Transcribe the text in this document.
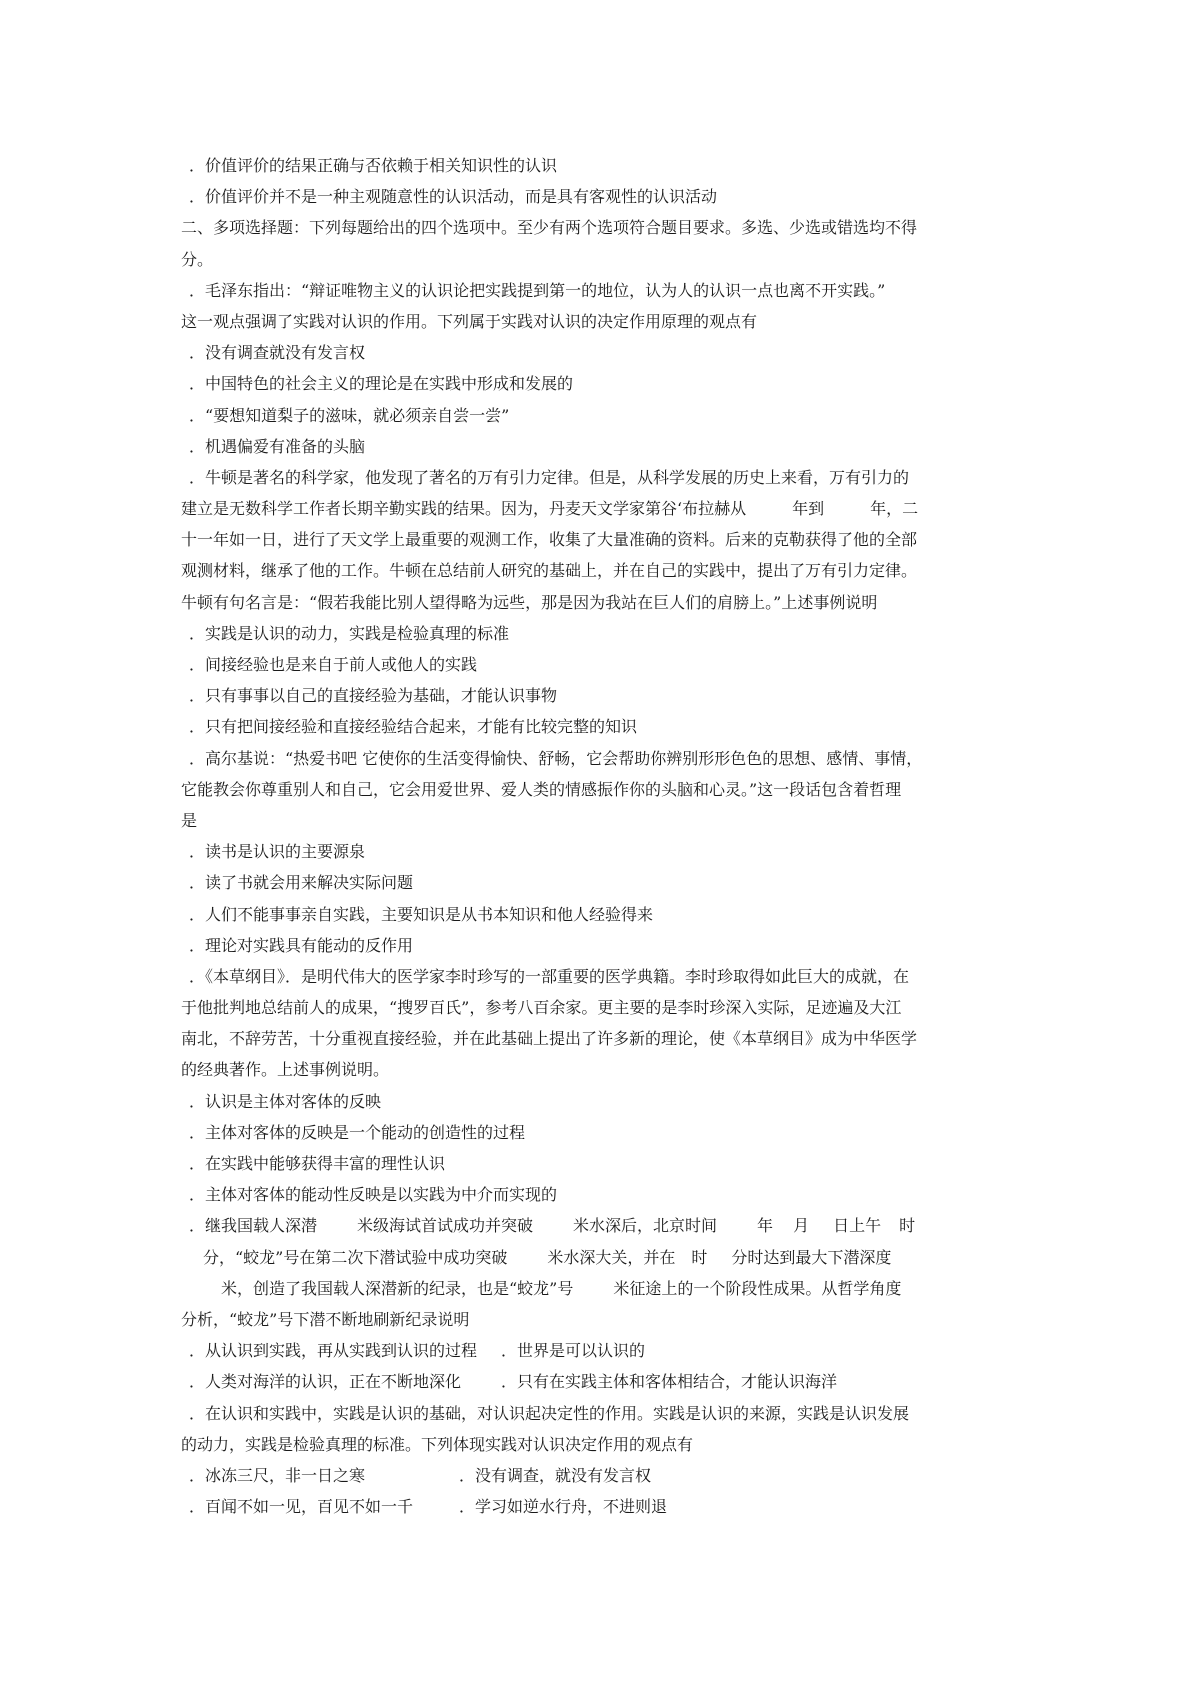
．价值评价的结果正确与否依赖于相关知识性的认识
．价值评价并不是一种主观随意性的认识活动，而是具有客观性的认识活动
二、多项选择题：下列每题给出的四个选项中。至少有两个选项符合题目要求。多选、少选或错选均不得
分。
．毛泽东指出：“辩证唯物主义的认识论把实践提到第一的地位，认为人的认识一点也离不开实践。”
这一观点强调了实践对认识的作用。下列属于实践对认识的决定作用原理的观点有
．没有调查就没有发言权
．中国特色的社会主义的理论是在实践中形成和发展的
．“要想知道梨子的滋味，就必须亲自尝一尝”
．机遇偏爱有准备的头脑
．牛顿是著名的科学家，他发现了著名的万有引力定律。但是，从科学发展的历史上来看，万有引力的
建立是无数科学工作者长期辛勤实践的结果。因为，丹麦天文学家第谷‘布拉赫从	年到	年，二
十一年如一日，进行了天文学上最重要的观测工作，收集了大量准确的资料。后来的克勒获得了他的全部
观测材料，继承了他的工作。牛顿在总结前人研究的基础上，并在自己的实践中，提出了万有引力定律。
牛顿有句名言是：“假若我能比别人望得略为远些，那是因为我站在巨人们的肩膀上。”上述事例说明
．实践是认识的动力，实践是检验真理的标准
．间接经验也是来自于前人或他人的实践
．只有事事以自己的直接经验为基础，才能认识事物
．只有把间接经验和直接经验结合起来，才能有比较完整的知识
．高尔基说：“热爱书吧 它使你的生活变得愉快、舒畅，它会帮助你辨别形形色色的思想、感情、事情，
它能教会你尊重别人和自己，它会用爱世界、爱人类的情感振作你的头脑和心灵。”这一段话包含着哲理
是
．读书是认识的主要源泉
．读了书就会用来解决实际问题
．人们不能事事亲自实践，主要知识是从书本知识和他人经验得来
．理论对实践具有能动的反作用
．《本草纲目》．是明代伟大的医学家李时珍写的一部重要的医学典籍。李时珍取得如此巨大的成就，在
于他批判地总结前人的成果，“搜罗百氏”，参考八百余家。更主要的是李时珍深入实际，足迹遍及大江
南北，不辞劳苦，十分重视直接经验，并在此基础上提出了许多新的理论，使《本草纲目》成为中华医学
的经典著作。上述事例说明。
．认识是主体对客体的反映
．主体对客体的反映是一个能动的创造性的过程
．在实践中能够获得丰富的理性认识
．主体对客体的能动性反映是以实践为中介而实现的
．继我国载人深潜	米级海试首试成功并突破	米水深后，北京时间	年 月 日上午 时
分，“蛟龙”号在第二次下潜试验中成功突破	米水深大关，并在 时 分时达到最大下潜深度
米，创造了我国载人深潜新的纪录，也是“蛟龙”号	米征途上的一个阶段性成果。从哲学角度
分析，“蛟龙”号下潜不断地刷新纪录说明
．从认识到实践，再从实践到认识的过程 ．世界是可以认识的
．人类对海洋的认识，正在不断地深化	．只有在实践主体和客体相结合，才能认识海洋
．在认识和实践中，实践是认识的基础，对认识起决定性的作用。实践是认识的来源，实践是认识发展
的动力，实践是检验真理的标准。下列体现实践对认识决定作用的观点有
．冰冻三尺，非一日之寒	．没有调查，就没有发言权
．百闻不如一见，百见不如一千	．学习如逆水行舟，不进则退
